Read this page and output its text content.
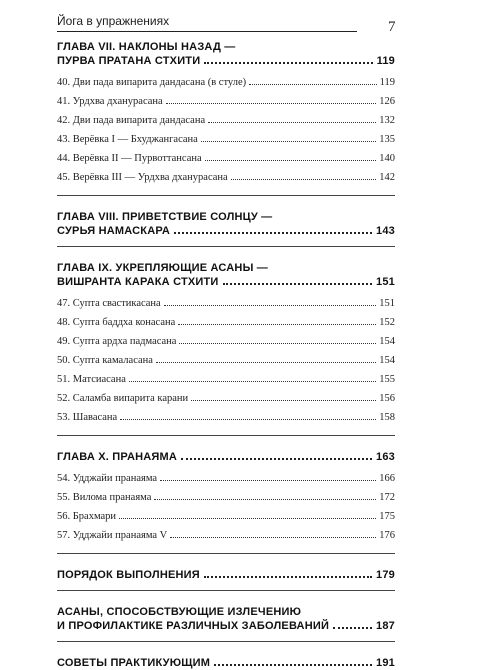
Йога в упражнениях	7
ГЛАВА VII. НАКЛОНЫ НАЗАД —
ПУРВА ПРАТАНА СТХИТИ	119
40. Дви пада випарита дандасана (в стуле)	119
41. Урдхва дханурасана	126
42. Дви пада випарита дандасана	132
43. Верёвка I — Бхуджангасана	135
44. Верёвка II — Пурвоттансана	140
45. Верёвка III — Урдхва дханурасана	142
ГЛАВА VIII. ПРИВЕТСТВИЕ СОЛНЦУ —
СУРЬЯ НАМАСКАРА	143
ГЛАВА IX. УКРЕПЛЯЮЩИЕ АСАНЫ —
ВИШРАНТА КАРАКА СТХИТИ	151
47. Супта свастикасана	151
48. Супта баддха конасана	152
49. Супта ардха падмасана	154
50. Супта камаласана	154
51. Матсиасана	155
52. Саламба випарита карани	156
53. Шавасана	158
ГЛАВА X. ПРАНАЯМА	163
54. Удджайи пранаяма	166
55. Вилома пранаяма	172
56. Брахмари	175
57. Удджайи пранаяма V	176
ПОРЯДОК ВЫПОЛНЕНИЯ	179
АСАНЫ, СПОСОБСТВУЮЩИЕ ИЗЛЕЧЕНИЮ
И ПРОФИЛАКТИКЕ РАЗЛИЧНЫХ ЗАБОЛЕВАНИЙ	187
СОВЕТЫ ПРАКТИКУЮЩИМ	191
